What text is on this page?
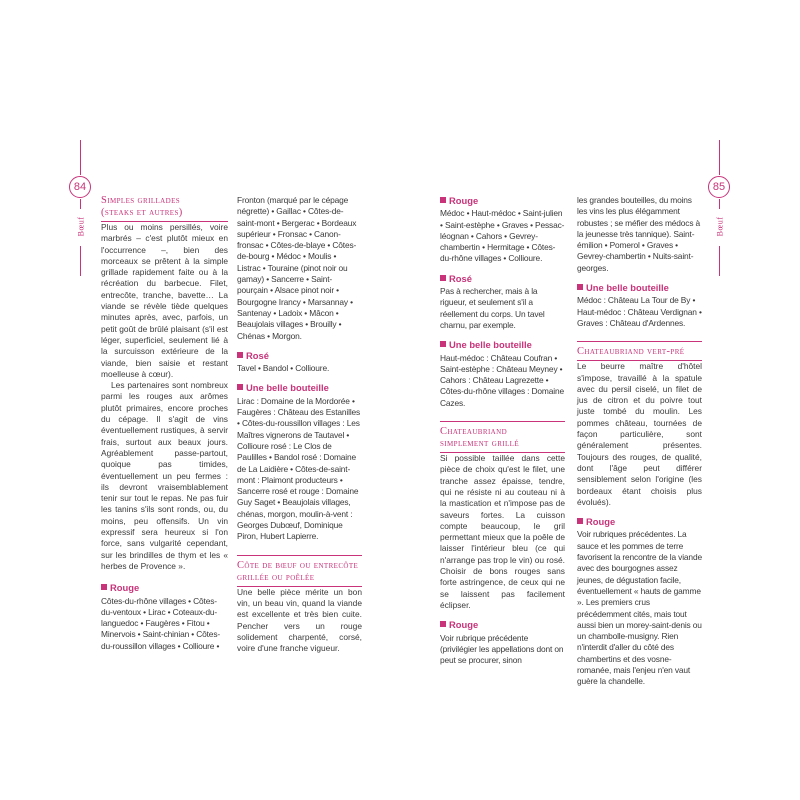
84
Bœuf
85
Bœuf
Simples grillades
(steaks et autres)

Plus ou moins persillés, voire marbrés – c'est plutôt mieux en l'occurrence –, bien des morceaux se prêtent à la simple grillade rapidement faite ou à la récréation du barbecue. Filet, entrecôte, tranche, bavette… La viande se révèle tiède quelques minutes après, avec, parfois, un petit goût de brûlé plaisant (s'il est léger, superficiel, seulement lié à la surcuisson extérieure de la viande, bien saisie et restant moelleuse à cœur).

Les partenaires sont nombreux parmi les rouges aux arômes plutôt primaires, encore proches du cépage. Il s'agit de vins éventuellement rustiques, à servir frais, surtout aux beaux jours. Agréablement passe-partout, quoique pas timides, éventuellement un peu fermes : ils devront vraisemblablement tenir sur tout le repas. Ne pas fuir les tanins s'ils sont ronds, ou, du moins, peu offensifs. Un vin expressif sera heureux si l'on force, sans vulgarité cependant, sur les brindilles de thym et les « herbes de Provence ».

Rouge

Côtes-du-rhône villages • Côtes-du-ventoux • Lirac • Coteaux-du-languedoc • Faugères • Fitou • Minervois • Saint-chinian • Côtes-du-roussillon villages • Collioure •

Fronton (marqué par le cépage négrette) • Gaillac • Côtes-de-saint-mont • Bergerac • Bordeaux supérieur • Fronsac • Canon-fronsac • Côtes-de-blaye • Côtes-de-bourg • Médoc • Moulis • Listrac • Touraine (pinot noir ou gamay) • Sancerre • Saint-pourçain • Alsace pinot noir • Bourgogne Irancy • Marsannay • Santenay • Ladoix • Mâcon • Beaujolais villages • Brouilly • Chénas • Morgon.

Rosé

Tavel • Bandol • Collioure.

Une belle bouteille

Lirac : Domaine de la Mordorée • Faugères : Château des Estanilles • Côtes-du-roussillon villages : Les Maîtres vignerons de Tautavel • Collioure rosé : Le Clos de Paulilles • Bandol rosé : Domaine de La Laidière • Côtes-de-saint-mont : Plaimont producteurs • Sancerre rosé et rouge : Domaine Guy Saget • Beaujolais villages, chénas, morgon, moulin-à-vent : Georges Dubœuf, Dominique Piron, Hubert Lapierre.

Côte de bœuf ou entrecôte
grillée ou poêlée

Une belle pièce mérite un bon vin, un beau vin, quand la viande est excellente et très bien cuite. Pencher vers un rouge solidement charpenté, corsé, voire d'une franche vigueur.

Rouge

Médoc • Haut-médoc • Saint-julien • Saint-estèphe • Graves • Pessac-léognan • Cahors • Gevrey-chambertin • Hermitage • Côtes-du-rhône villages • Collioure.

Rosé

Pas à rechercher, mais à la rigueur, et seulement s'il a réellement du corps. Un tavel charnu, par exemple.

Une belle bouteille

Haut-médoc : Château Coufran • Saint-estèphe : Château Meyney • Cahors : Château Lagrezette • Côtes-du-rhône villages : Domaine Cazes.

Chateaubriand
simplement grillé

Si possible taillée dans cette pièce de choix qu'est le filet, une tranche assez épaisse, tendre, qui ne résiste ni au couteau ni à la mastication et n'impose pas de saveurs fortes. La cuisson compte beaucoup, le gril permettant mieux que la poêle de laisser l'intérieur bleu (ce qui n'arrange pas trop le vin) ou rosé. Choisir de bons rouges sans forte astringence, de ceux qui ne se laissent pas facilement éclipser.

Rouge

Voir rubrique précédente (privilégier les appellations dont on peut se procurer, sinon

les grandes bouteilles, du moins les vins les plus élégamment robustes ; se méfier des médocs à la jeunesse très tannique). Saint-émilion • Pomerol • Graves • Gevrey-chambertin • Nuits-saint-georges.

Une belle bouteille

Médoc : Château La Tour de By • Haut-médoc : Château Verdignan • Graves : Château d'Ardennes.

Chateaubriand vert-pré

Le beurre maître d'hôtel s'impose, travaillé à la spatule avec du persil ciselé, un filet de jus de citron et du poivre tout juste tombé du moulin. Les pommes château, tournées de façon particulière, sont généralement présentes. Toujours des rouges, de qualité, dont l'âge peut différer sensiblement selon l'origine (les bordeaux étant choisis plus évolués).

Rouge

Voir rubriques précédentes. La sauce et les pommes de terre favorisent la rencontre de la viande avec des bourgognes assez jeunes, de dégustation facile, éventuellement « hauts de gamme ». Les premiers crus précédemment cités, mais tout aussi bien un morey-saint-denis ou un chambolle-musigny. Rien n'interdit d'aller du côté des chambertins et des vosne-romanée, mais l'enjeu n'en vaut guère la chandelle.
